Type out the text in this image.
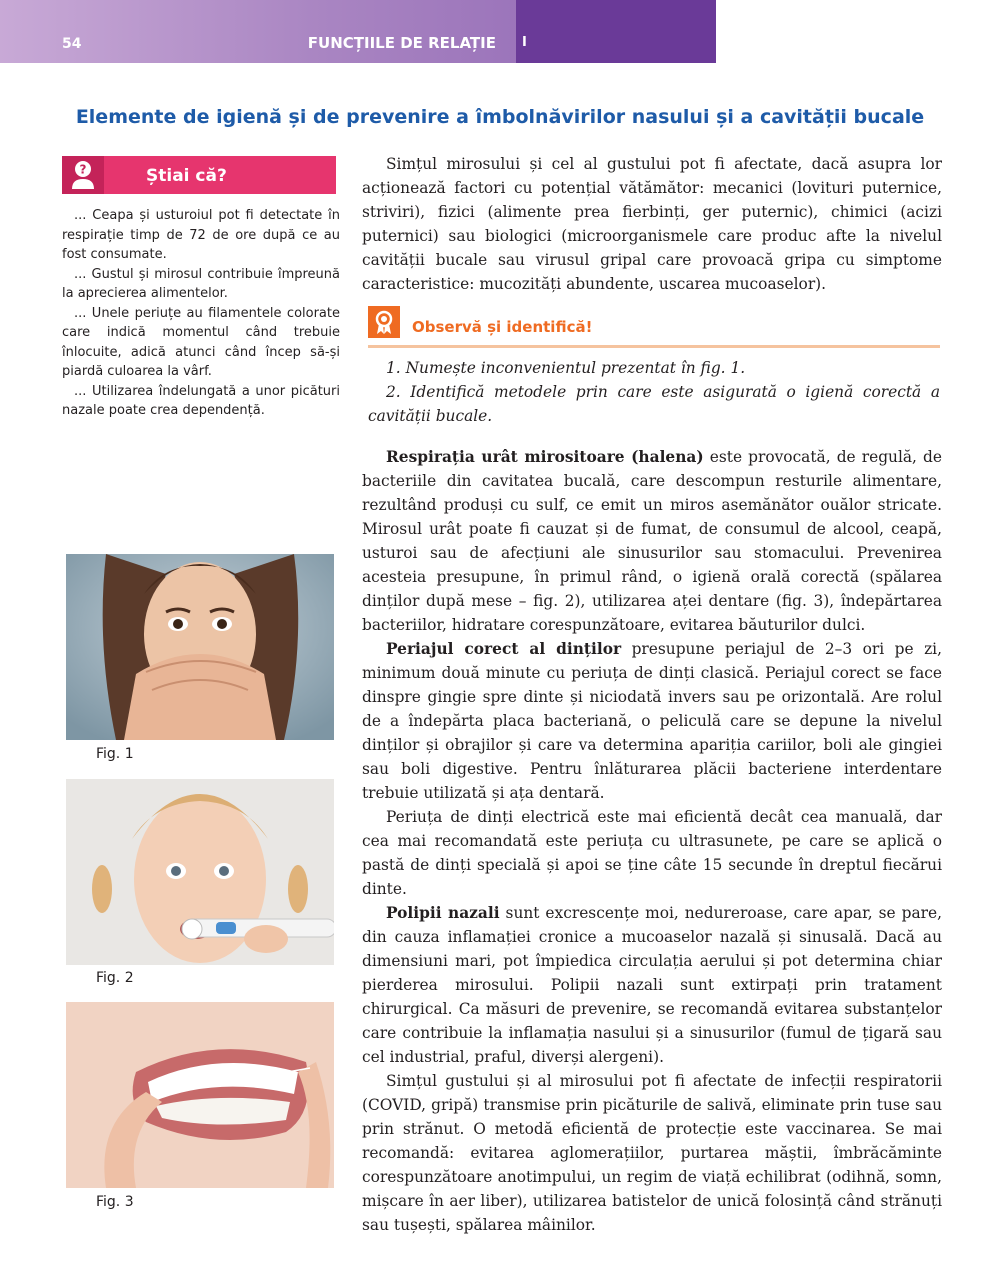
54	FUNCȚIILE DE RELAȚIE I
Elemente de igienă și de prevenire a îmbolnăvirilor nasului și a cavității bucale
?	Știai că?

... Ceapa și usturoiul pot fi detectate în respirație timp de 72 de ore după ce au fost consumate.

... Gustul și mirosul contribuie împreună la aprecierea alimentelor.

... Unele periuțe au filamentele colorate care indică momentul când trebuie înlocuite, adică atunci când încep să-și piardă culoarea la vârf.

... Utilizarea îndelungată a unor picături nazale poate crea dependență.

Fig. 1
Fig. 2
Fig. 3

Simțul mirosului și cel al gustului pot fi afectate, dacă asupra lor acționează factori cu potențial vătămător: mecanici (lovituri puternice, striviri), fizici (alimente prea fierbinți, ger puternic), chimici (acizi puternici) sau biologici (microorganismele care produc afte la nivelul cavității bucale sau virusul gripal care provoacă gripa cu simptome caracteristice: mucozități abundente, uscarea mucoaselor).

Observă și identifică!

1. Numește inconvenientul prezentat în fig. 1.

2. Identifică metodele prin care este asigurată o igienă corectă a cavității bucale.

Respirația urât mirositoare (halena) este provocată, de regulă, de bacteriile din cavitatea bucală, care descompun resturile alimentare, rezultând produși cu sulf, ce emit un miros asemănător ouălor stricate. Mirosul urât poate fi cauzat și de fumat, de consumul de alcool, ceapă, usturoi sau de afecțiuni ale sinusurilor sau stomacului. Prevenirea acesteia presupune, în primul rând, o igienă orală corectă (spălarea dinților după mese – fig. 2), utilizarea aței dentare (fig. 3), îndepărtarea bacteriilor, hidratare corespunzătoare, evitarea băuturilor dulci.

Periajul corect al dinților presupune periajul de 2–3 ori pe zi, minimum două minute cu periuța de dinți clasică. Periajul corect se face dinspre gingie spre dinte și niciodată invers sau pe orizontală. Are rolul de a îndepărta placa bacteriană, o peliculă care se depune la nivelul dinților și obrajilor și care va determina apariția cariilor, boli ale gingiei sau boli digestive. Pentru înlăturarea plăcii bacteriene interdentare trebuie utilizată și ața dentară.

Periuța de dinți electrică este mai eficientă decât cea manuală, dar cea mai recomandată este periuța cu ultrasunete, pe care se aplică o pastă de dinți specială și apoi se ține câte 15 secunde în dreptul fiecărui dinte.

Polipii nazali sunt excrescențe moi, nedureroase, care apar, se pare, din cauza inflamației cronice a mucoaselor nazală și sinusală. Dacă au dimensiuni mari, pot împiedica circulația aerului și pot determina chiar pierderea mirosului. Polipii nazali sunt extirpați prin tratament chirurgical. Ca măsuri de prevenire, se recomandă evitarea substanțelor care contribuie la inflamația nasului și a sinusurilor (fumul de țigară sau cel industrial, praful, diverși alergeni).

Simțul gustului și al mirosului pot fi afectate de infecții respiratorii (COVID, gripă) transmise prin picăturile de salivă, eliminate prin tuse sau prin strănut. O metodă eficientă de protecție este vaccinarea. Se mai recomandă: evitarea aglomerațiilor, purtarea măștii, îmbrăcăminte corespunzătoare anotimpului, un regim de viață echilibrat (odihnă, somn, mișcare în aer liber), utilizarea batistelor de unică folosință când strănuți sau tușești, spălarea mâinilor.
